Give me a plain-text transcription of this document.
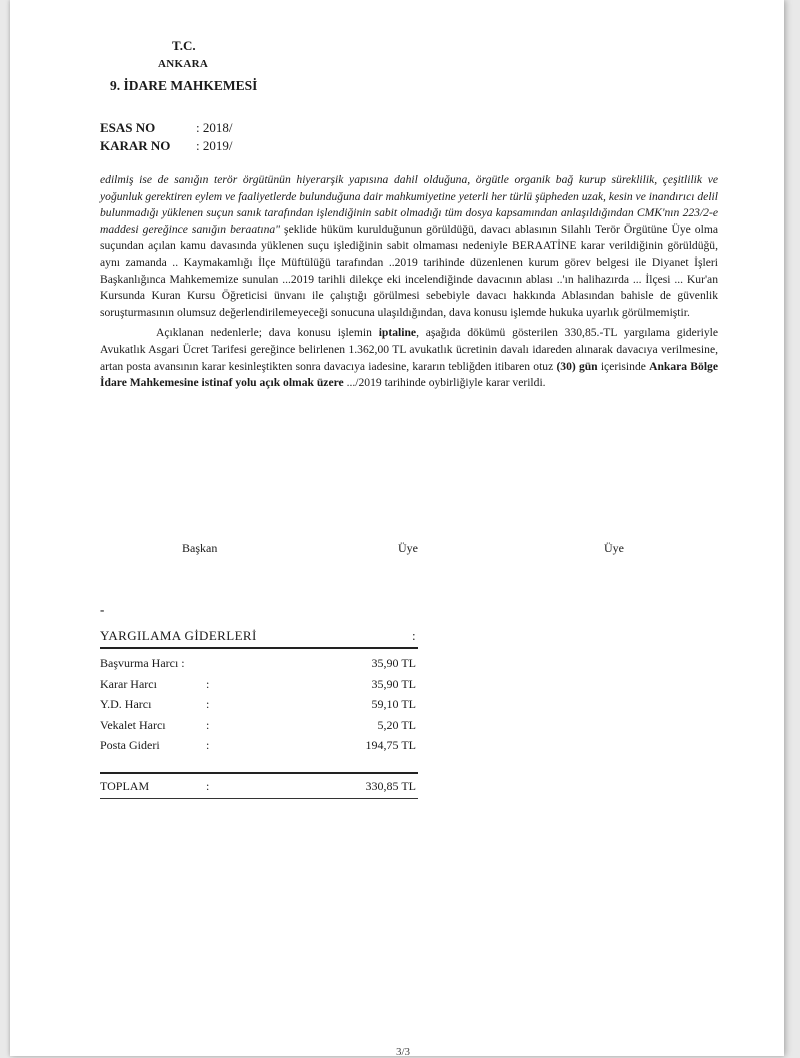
T.C.
ANKARA
9. İDARE MAHKEMESİ
ESAS NO	: 2018/
KARAR NO : 2019/

edilmiş ise de sanığın terör örgütünün hiyerarşik yapısına dahil olduğuna, örgütle organik bağ kurup süreklilik, çeşitlilik ve yoğunluk gerektiren eylem ve faaliyetlerde bulunduğuna dair mahkumiyetine yeterli her türlü şüpheden uzak, kesin ve inandırıcı delil bulunmadığı yüklenen suçun sanık tarafından işlendiğinin sabit olmadığı tüm dosya kapsamından anlaşıldığından CMK'nın 223/2-e maddesi gereğince sanığın beraatına" şeklide hüküm kurulduğunun görüldüğü, davacı ablasının Silahlı Terör Örgütüne Üye olma suçundan açılan kamu davasında yüklenen suçu işlediğinin sabit olmaması nedeniyle BERAATİNE karar verildiğinin görüldüğü, aynı zamanda .. Kaymakamlığı İlçe Müftülüğü tarafından ..2019 tarihinde düzenlenen kurum görev belgesi ile Diyanet İşleri Başkanlığınca Mahkememize sunulan ...2019 tarihli dilekçe eki incelendiğinde davacının ablası ..'ın halihazırda ... İlçesi ... Kur'an Kursunda Kuran Kursu Öğreticisi ünvanı ile çalıştığı görülmesi sebebiyle davacı hakkında Ablasından bahisle de güvenlik soruşturmasının olumsuz değerlendirilemeyeceği sonucuna ulaşıldığından, dava konusu işlemde hukuka uyarlık görülmemiştir.

Açıklanan nedenlerle; dava konusu işlemin iptaline, aşağıda dökümü gösterilen 330,85.-TL yargılama gideriyle Avukatlık Asgari Ücret Tarifesi gereğince belirlenen 1.362,00 TL avukatlık ücretinin davalı idareden alınarak davacıya verilmesine, artan posta avansının karar kesinleştikten sonra davacıya iadesine, kararın tebliğden itibaren otuz (30) gün içerisinde Ankara Bölge İdare Mahkemesine istinaf yolu açık olmak üzere .../2019 tarihinde oybirliğiyle karar verildi.

Başkan	Üye	Üye
-
YARGILAMA GİDERLERİ	:
Başvurma Harcı :	35,90 TL
Karar Harcı	:	35,90 TL
Y.D. Harcı	:	59,10 TL
Vekalet Harcı	:	5,20 TL
Posta Gideri	:	194,75 TL
TOPLAM	:	330,85 TL
3/3
